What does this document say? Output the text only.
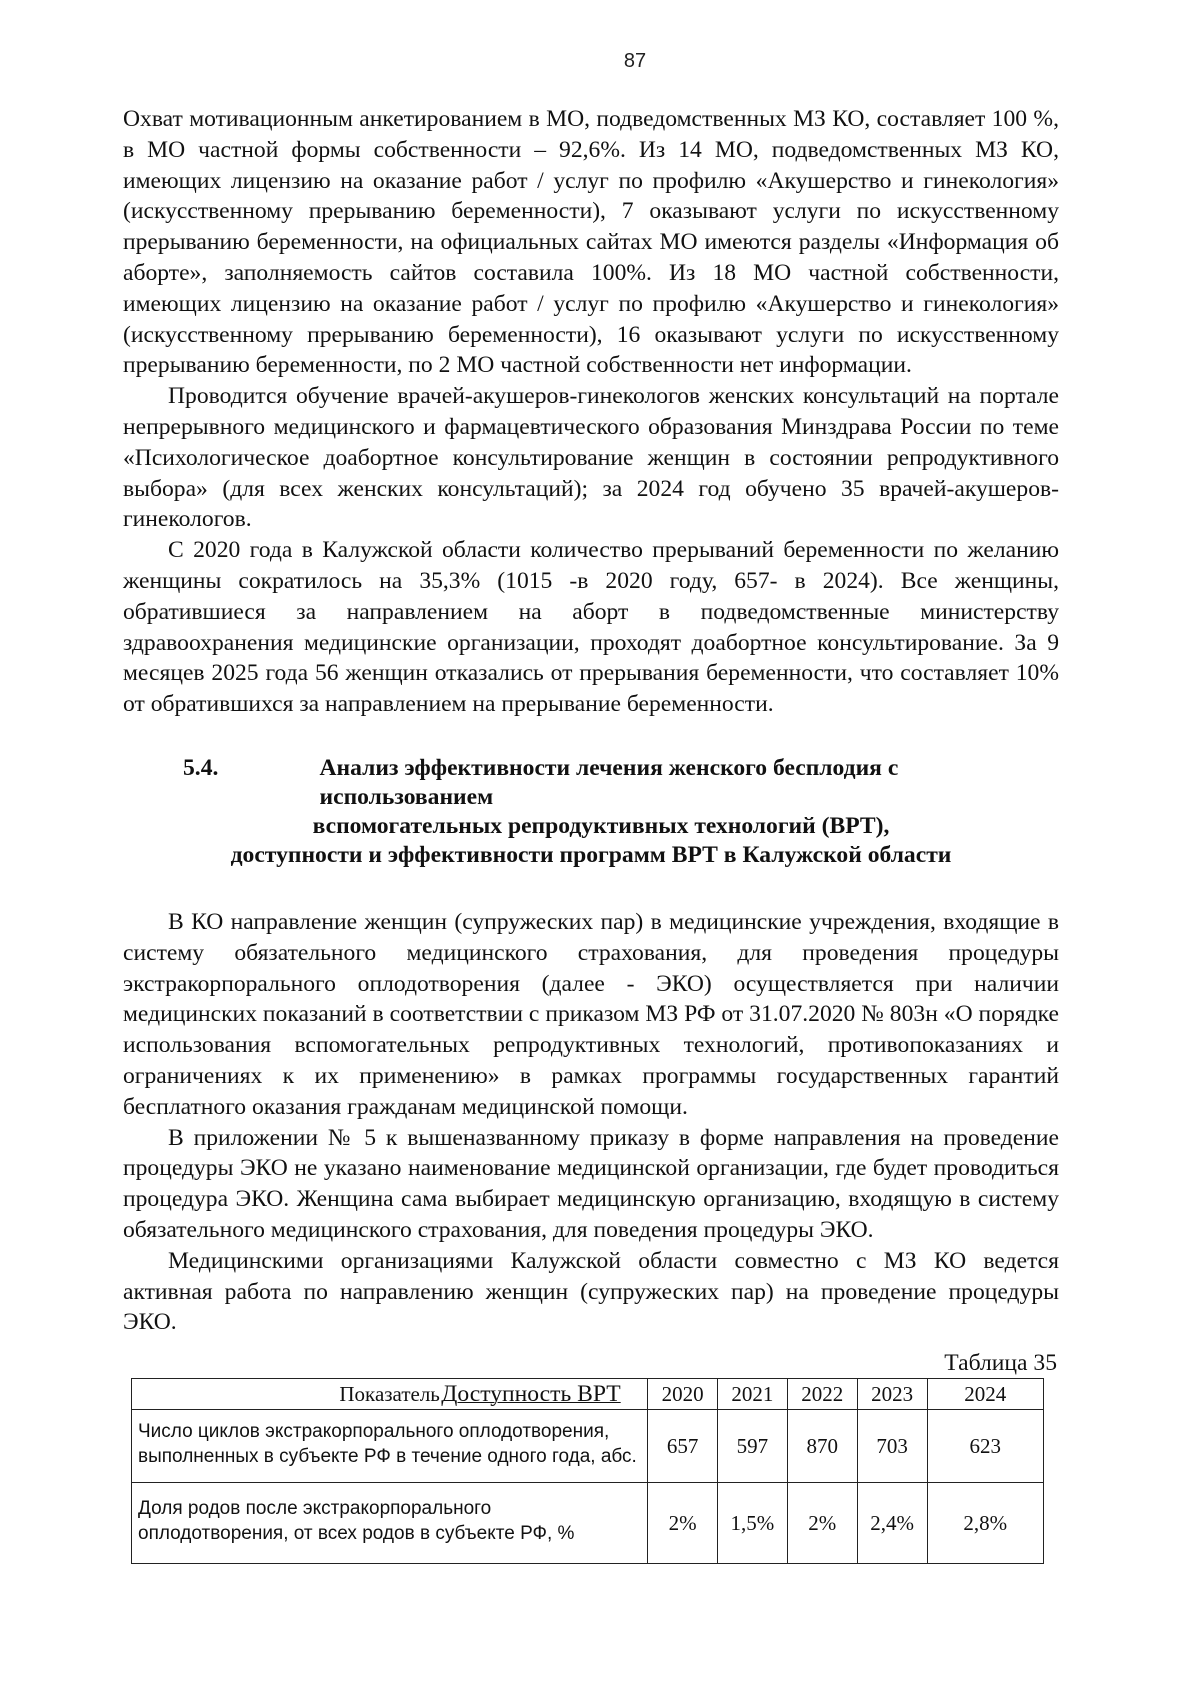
87

Охват мотивационным анкетированием в МО, подведомственных МЗ КО, составляет 100 %, в МО частной формы собственности – 92,6%. Из 14 МО, подведомственных МЗ КО, имеющих лицензию на оказание работ / услуг по профилю «Акушерство и гинекология» (искусственному прерыванию беременности), 7 оказывают услуги по искусственному прерыванию беременности, на официальных сайтах МО имеются разделы «Информация об аборте», заполняемость сайтов составила 100%. Из 18 МО частной собственности, имеющих лицензию на оказание работ / услуг по профилю «Акушерство и гинекология» (искусственному прерыванию беременности), 16 оказывают услуги по искусственному прерыванию беременности, по 2 МО частной собственности нет информации.

Проводится обучение врачей-акушеров-гинекологов женских консультаций на портале непрерывного медицинского и фармацевтического образования Минздрава России по теме «Психологическое доабортное консультирование женщин в состоянии репродуктивного выбора» (для всех женских консультаций); за 2024 год обучено 35 врачей-акушеров-гинекологов.

С 2020 года в Калужской области количество прерываний беременности по желанию женщины сократилось на 35,3% (1015 -в 2020 году, 657- в 2024). Все женщины, обратившиеся за направлением на аборт в подведомственные министерству здравоохранения медицинские организации, проходят доабортное консультирование. За 9 месяцев 2025 года 56 женщин отказались от прерывания беременности, что составляет 10% от обратившихся за направлением на прерывание беременности.

5.4.	Анализ эффективности лечения женского бесплодия с использованием
вспомогательных репродуктивных технологий (ВРТ),
доступности и эффективности программ ВРТ в Калужской области

В КО направление женщин (супружеских пар) в медицинские учреждения, входящие в систему обязательного медицинского страхования, для проведения процедуры экстракорпорального оплодотворения (далее - ЭКО) осуществляется при наличии медицинских показаний в соответствии с приказом МЗ РФ от 31.07.2020 № 803н «О порядке использования вспомогательных репродуктивных технологий, противопоказаниях и ограничениях к их применению» в рамках программы государственных гарантий бесплатного оказания гражданам медицинской помощи.

В приложении № 5 к вышеназванному приказу в форме направления на проведение процедуры ЭКО не указано наименование медицинской организации, где будет проводиться процедура ЭКО. Женщина сама выбирает медицинскую организацию, входящую в систему обязательного медицинского страхования, для поведения процедуры ЭКО.

Медицинскими организациями Калужской области совместно с МЗ КО ведется активная работа по направлению женщин (супружеских пар) на проведение процедуры ЭКО.

Таблица 35
Доступность ВРТ
Показатель	2020	2021	2022	2023	2024
Число циклов экстракорпорального оплодотворения, выполненных в субъекте РФ в течение одного года, абс.	657	597	870	703	623
Доля родов после экстракорпорального оплодотворения, от всех родов в субъекте РФ, %	2%	1,5%	2%	2,4%	2,8%
